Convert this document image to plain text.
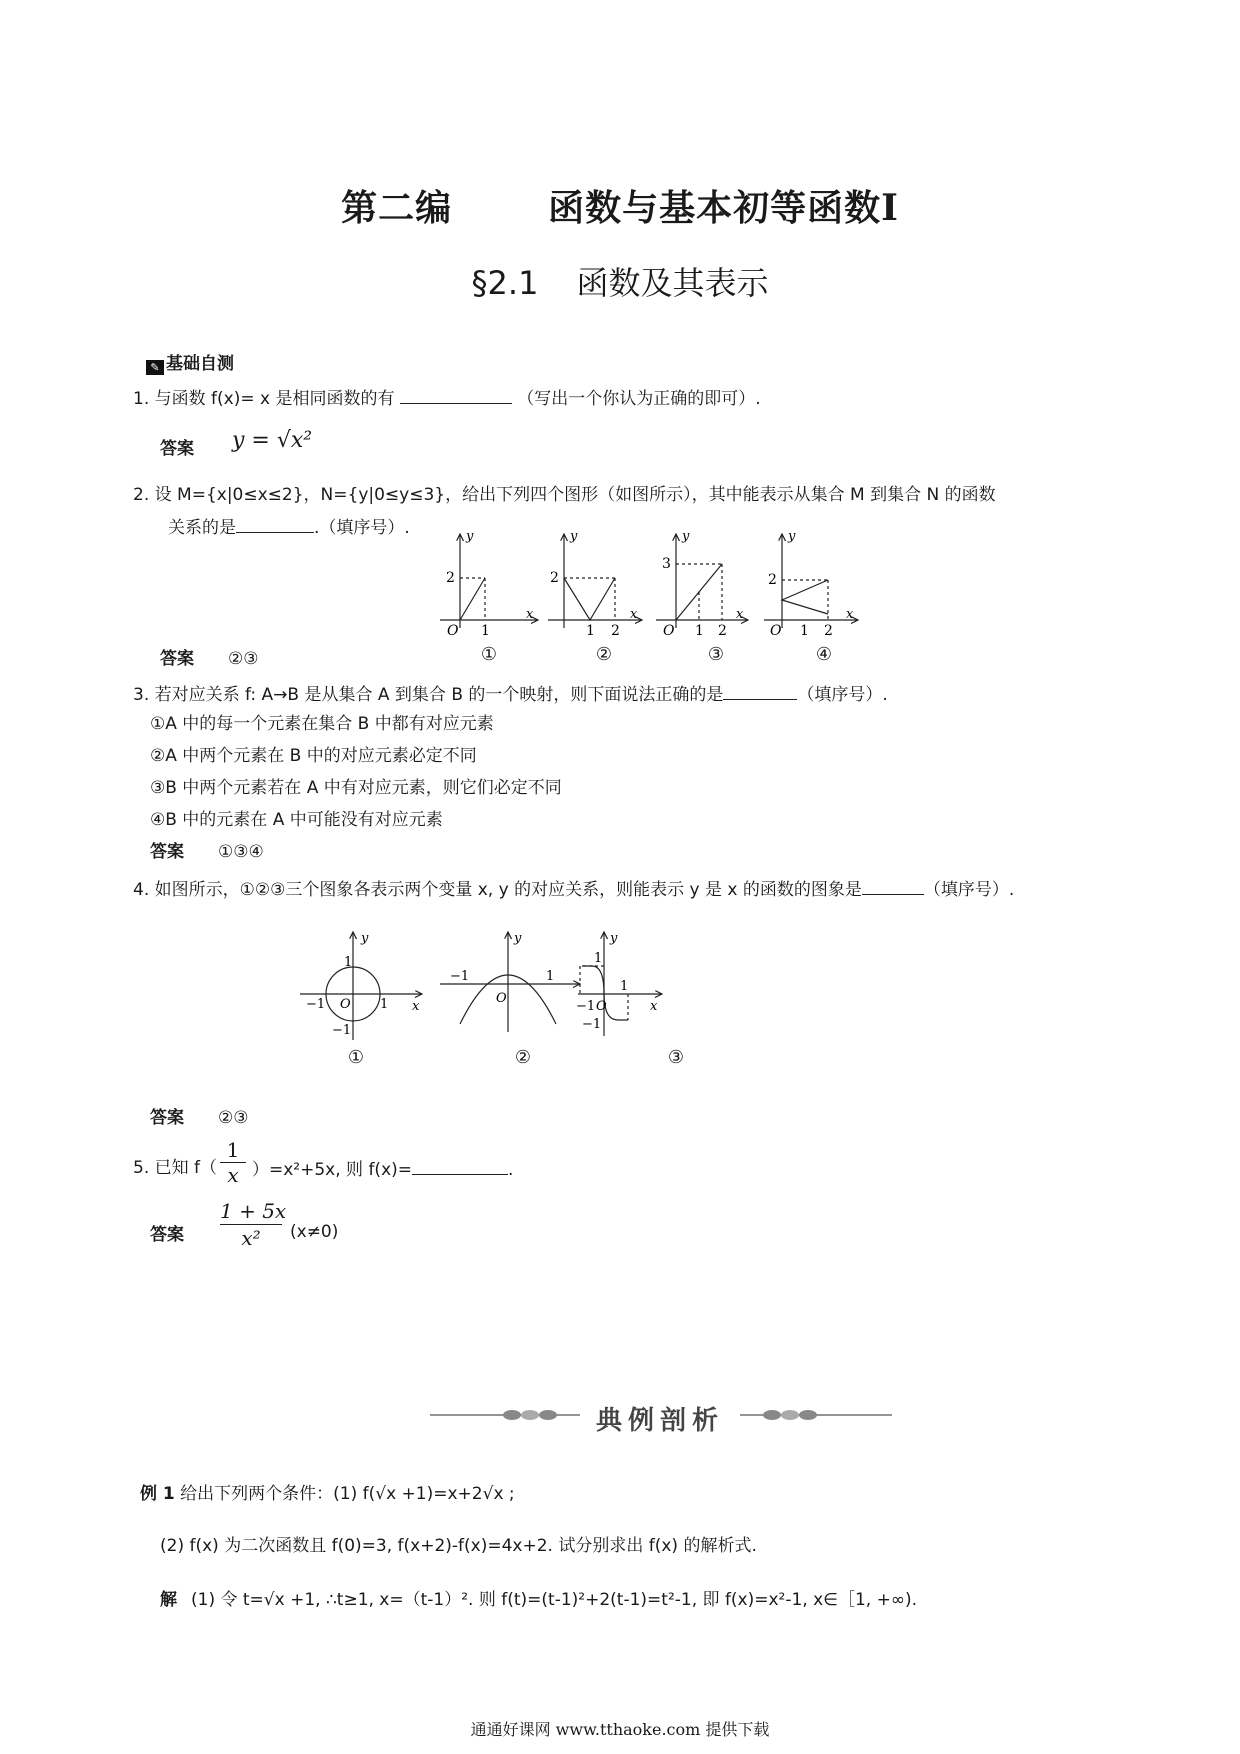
第二编	函数与基本初等函数Ⅰ
§2.1 函数及其表示
✎ 基础自测
1. 与函数 f(x)= x 是相同函数的有	（写出一个你认为正确的即可）.
答案 y = √x²
2. 设 M={x|0≤x≤2}，N={y|0≤y≤3}，给出下列四个图形（如图所示），其中能表示从集合 M 到集合 N 的函数
关系的是	.（填序号）.	y
x
2
O 1
y
x
2
1 2
y
x
3
O 1 2
y
x
2
O 1 2
①	②	③	④
答案 ②③
3. 若对应关系 f: A→B 是从集合 A 到集合 B 的一个映射，则下面说法正确的是	（填序号）.
①A 中的每一个元素在集合 B 中都有对应元素
②A 中两个元素在 B 中的对应元素必定不同
③B 中两个元素若在 A 中有对应元素，则它们必定不同
④B 中的元素在 A 中可能没有对应元素
答案 ①③④
4. 如图所示，①②③三个图象各表示两个变量 x, y 的对应关系，则能表示 y 是 x 的函数的图象是	（填序号）.
y
x
1
−1 O 1
−1
y
−1	1
O
y
x
1
−1 O
1
−1
①	②	③
答案 ②③
5. 已知 f（
1
x ）=x²+5x, 则 f(x)=	.
答案
1 + 5x
x²	(x≠0)
典例剖析
例 1 给出下列两个条件：(1) f(√x +1)=x+2√x ;
(2) f(x) 为二次函数且 f(0)=3, f(x+2)-f(x)=4x+2. 试分别求出 f(x) 的解析式.
解 (1) 令 t=√x +1, ∴t≥1, x=（t-1）². 则 f(t)=(t-1)²+2(t-1)=t²-1, 即 f(x)=x²-1, x∈［1, +∞).
通通好课网 www.tthaoke.com 提供下载
